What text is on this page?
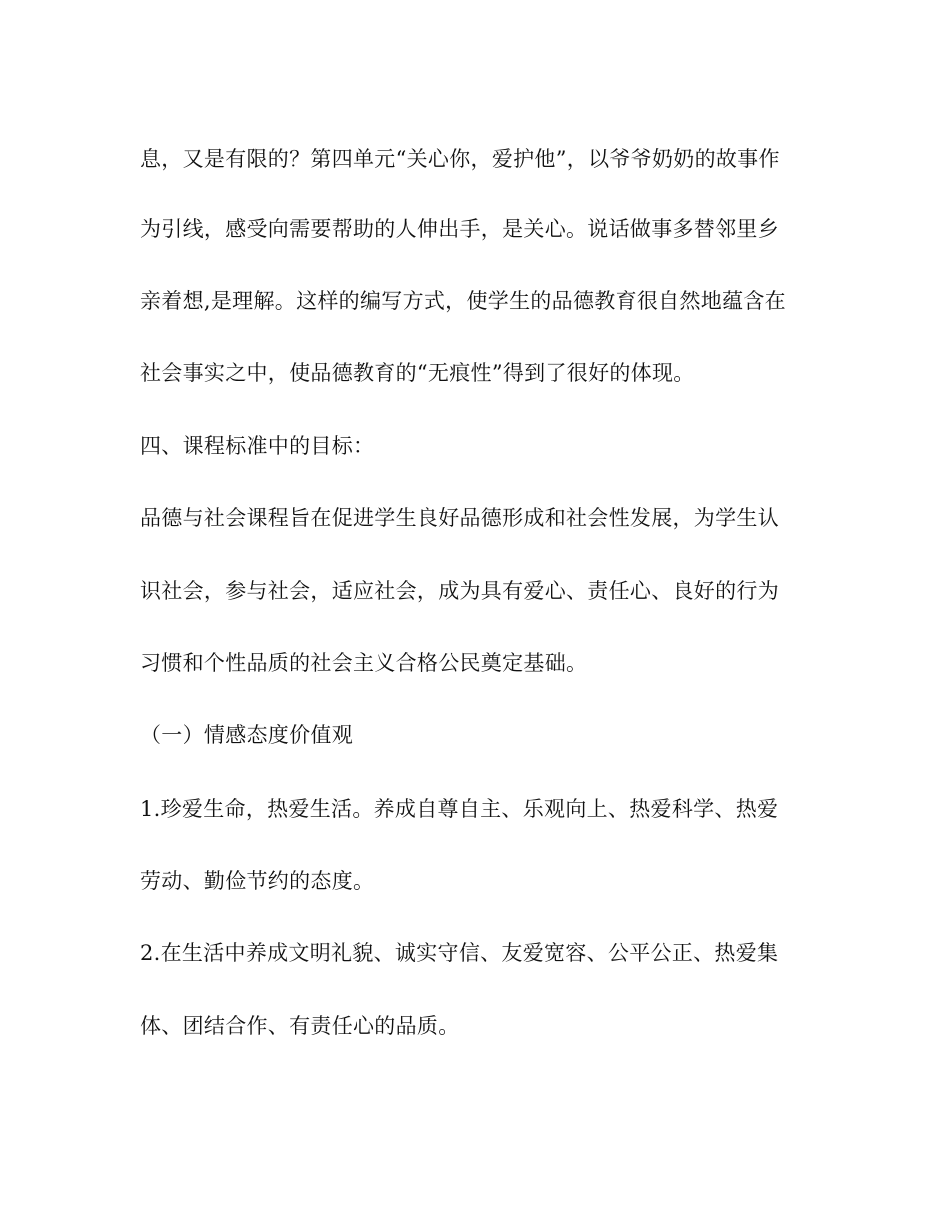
息，又是有限的？第四单元“关心你，爱护他”，以爷爷奶奶的故事作
为引线，感受向需要帮助的人伸出手，是关心。说话做事多替邻里乡
亲着想,是理解。这样的编写方式，使学生的品德教育很自然地蕴含在
社会事实之中，使品德教育的“无痕性”得到了很好的体现。
四、课程标准中的目标：
品德与社会课程旨在促进学生良好品德形成和社会性发展，为学生认
识社会，参与社会，适应社会，成为具有爱心、责任心、良好的行为
习惯和个性品质的社会主义合格公民奠定基础。
（一）情感态度价值观
1.珍爱生命，热爱生活。养成自尊自主、乐观向上、热爱科学、热爱
劳动、勤俭节约的态度。
2.在生活中养成文明礼貌、诚实守信、友爱宽容、公平公正、热爱集
体、团结合作、有责任心的品质。
